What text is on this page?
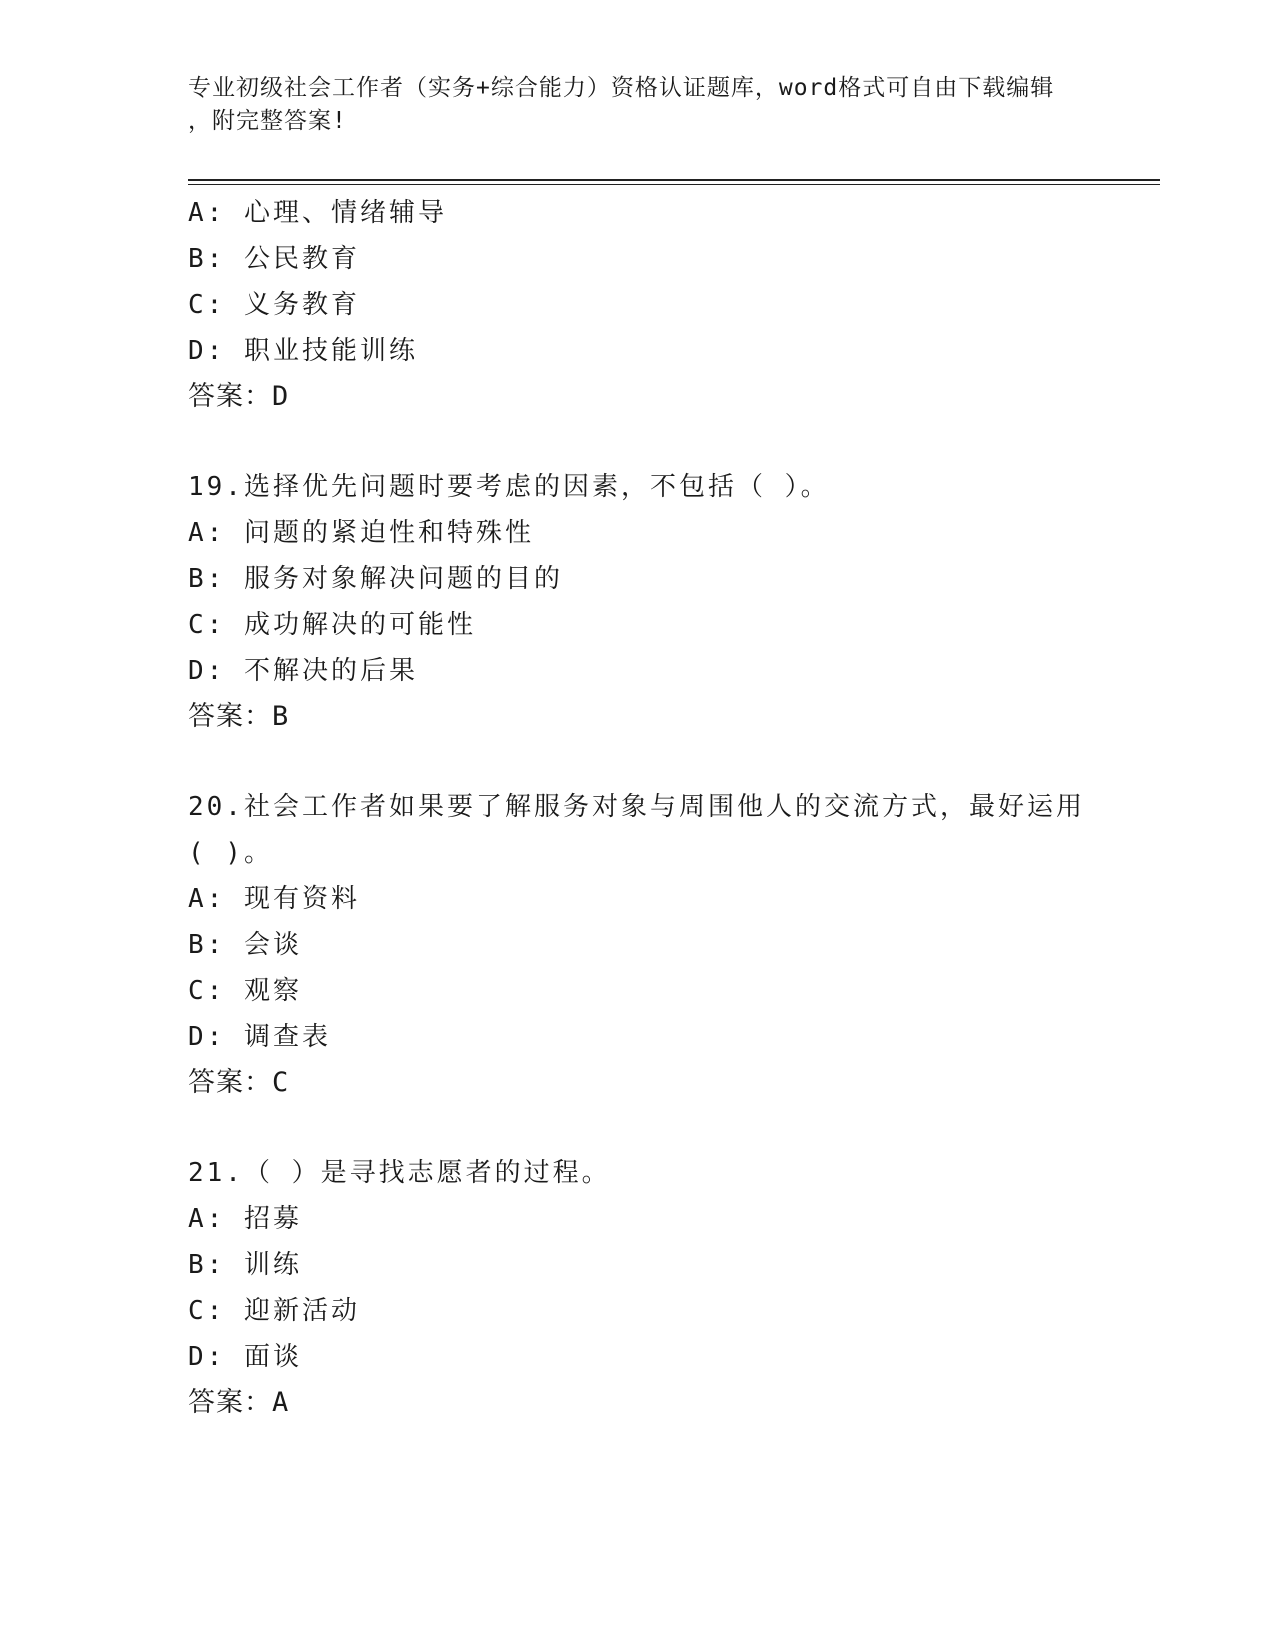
专业初级社会工作者（实务+综合能力）资格认证题库，word格式可自由下载编辑
，附完整答案!
A: 心理、情绪辅导
B: 公民教育
C: 义务教育
D: 职业技能训练
答案：D
19.选择优先问题时要考虑的因素，不包括（ ）。
A: 问题的紧迫性和特殊性
B: 服务对象解决问题的目的
C: 成功解决的可能性
D: 不解决的后果
答案：B
20.社会工作者如果要了解服务对象与周围他人的交流方式，最好运用
( )。
A: 现有资料
B: 会谈
C: 观察
D: 调查表
答案：C
21.（ ）是寻找志愿者的过程。
A: 招募
B: 训练
C: 迎新活动
D: 面谈
答案：A
